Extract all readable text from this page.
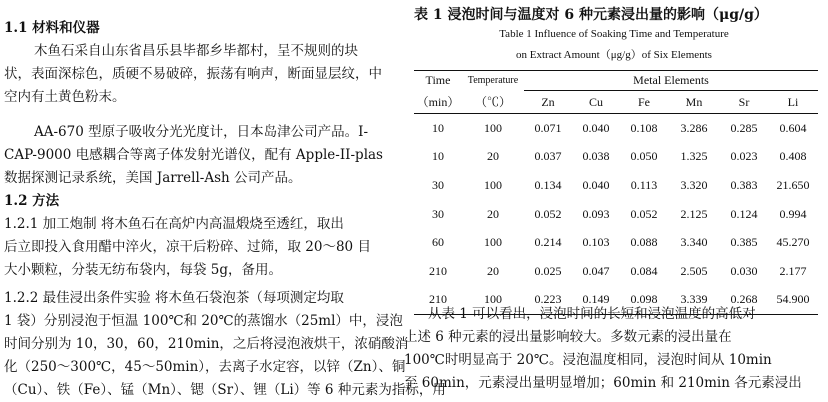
1.1 材料和仪器
木鱼石采自山东省昌乐县毕都乡毕都村，呈不规则的块
状，表面深棕色，质硬不易破碎，振荡有响声，断面显层纹，中
空内有土黄色粉末。
AA-670 型原子吸收分光光度计，日本岛津公司产品。I-
CAP-9000 电感耦合等离子体发射光谱仪，配有 Apple-II-plas
数据探测记录系统，美国 Jarrell-Ash 公司产品。
1.2 方法
1.2.1 加工炮制 将木鱼石在高炉内高温煅烧至透红，取出
后立即投入食用醋中淬火，凉干后粉碎、过筛，取 20～80 目
大小颗粒，分装无纺布袋内，每袋 5g，备用。
1.2.2 最佳浸出条件实验 将木鱼石袋泡茶（每项测定均取
1 袋）分别浸泡于恒温 100℃和 20℃的蒸馏水（25ml）中，浸泡
时间分别为 10，30，60，210min，之后将浸泡液烘干，浓硝酸消
化（250～300℃，45～50min），去离子水定容，以锌（Zn）、铜
（Cu）、铁（Fe）、锰（Mn）、锶（Sr）、锂（Li）等 6 种元素为指标，用
表 1 浸泡时间与温度对 6 种元素浸出量的影响（μg/g）
Table 1 Influence of Soaking Time and Temperature
on Extract Amount（μg/g）of Six Elements
Time	Temperature	Metal Elements					
（min）	（℃）	Zn	Cu	Fe	Mn	Sr	Li
10	100	0.071	0.040	0.108	3.286	0.285	0.604
10	20	0.037	0.038	0.050	1.325	0.023	0.408
30	100	0.134	0.040	0.113	3.320	0.383	21.650
30	20	0.052	0.093	0.052	2.125	0.124	0.994
60	100	0.214	0.103	0.088	3.340	0.385	45.270
210	20	0.025	0.047	0.084	2.505	0.030	2.177
210	100	0.223	0.149	0.098	3.339	0.268	54.900
从表 1 可以看出，浸泡时间的长短和浸泡温度的高低对
上述 6 种元素的浸出量影响较大。多数元素的浸出量在
100℃时明显高于 20℃。浸泡温度相同，浸泡时间从 10min
至 60min，元素浸出量明显增加；60min 和 210min 各元素浸出
